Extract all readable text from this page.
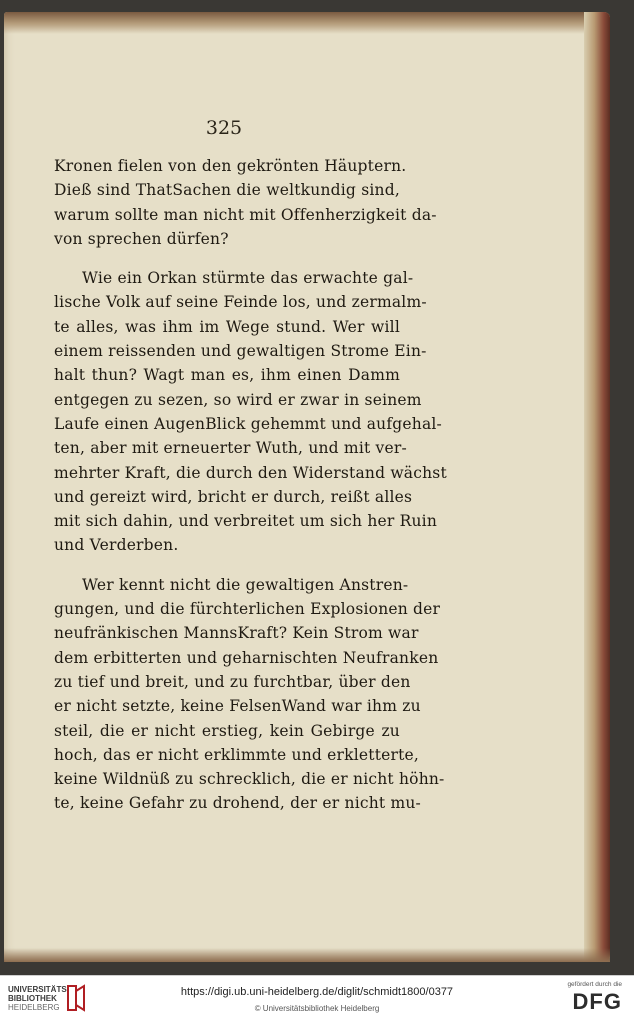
325
Kronen fielen von den gekrönten Häuptern.
Dieß sind ThatSachen die weltkundig sind,
warum sollte man nicht mit Offenherzigkeit da-
von sprechen dürfen?
Wie ein Orkan stürmte das erwachte gal-
lische Volk auf seine Feinde los, und zermalm-
te alles, was ihm im Wege stund. Wer will
einem reissenden und gewaltigen Strome Ein-
halt thun? Wagt man es, ihm einen Damm
entgegen zu sezen, so wird er zwar in seinem
Laufe einen AugenBlick gehemmt und aufgehal-
ten, aber mit erneuerter Wuth, und mit ver-
mehrter Kraft, die durch den Widerstand wächst
und gereizt wird, bricht er durch, reißt alles
mit sich dahin, und verbreitet um sich her Ruin
und Verderben.
Wer kennt nicht die gewaltigen Anstren-
gungen, und die fürchterlichen Explosionen der
neufränkischen MannsKraft? Kein Strom war
dem erbitterten und geharnischten Neufranken
zu tief und breit, und zu furchtbar, über den
er nicht setzte, keine FelsenWand war ihm zu
steil, die er nicht erstieg, kein Gebirge zu
hoch, das er nicht erklimmte und erkletterte,
keine Wildnüß zu schrecklich, die er nicht höhn-
te, keine Gefahr zu drohend, der er nicht mu-
UNIVERSITÄTS-
BIBLIOTHEK
HEIDELBERG
https://digi.ub.uni-heidelberg.de/diglit/schmidt1800/0377
© Universitätsbibliothek Heidelberg
gefördert durch die
DFG
